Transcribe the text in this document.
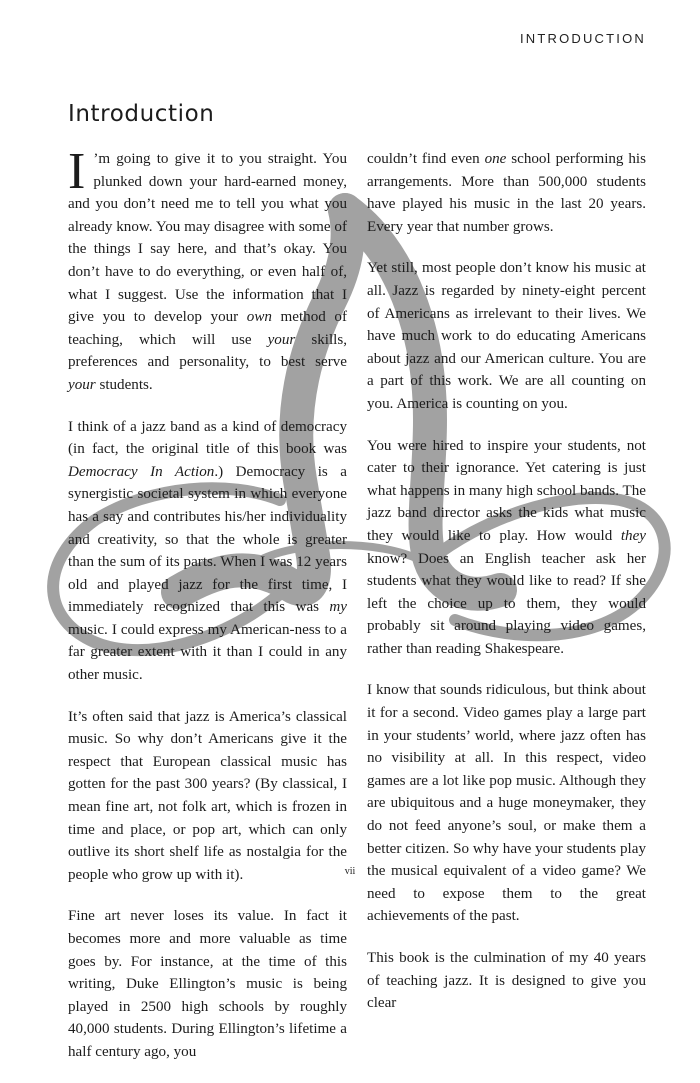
INTRODUCTION
Introduction

I ’m going to give it to you straight. You plunked down your hard-earned money, and you don’t need me to tell you what you already know. You may disagree with some of the things I say here, and that’s okay. You don’t have to do everything, or even half of, what I suggest. Use the information that I give you to develop your own method of teaching, which will use your skills, preferences and personality, to best serve your students.

I think of a jazz band as a kind of democracy (in fact, the original title of this book was Democracy In Action.) Democracy is a synergistic societal system in which everyone has a say and contributes his/her individuality and creativity, so that the whole is greater than the sum of its parts. When I was 12 years old and played jazz for the first time, I immediately recognized that this was my music. I could express my American-ness to a far greater extent with it than I could in any other music.

It’s often said that jazz is America’s classical music. So why don’t Americans give it the respect that European classical music has gotten for the past 300 years? (By classical, I mean fine art, not folk art, which is frozen in time and place, or pop art, which can only outlive its short shelf life as nostalgia for the people who grow up with it).

Fine art never loses its value. In fact it becomes more and more valuable as time goes by. For instance, at the time of this writing, Duke Ellington’s music is being played in 2500 high schools by roughly 40,000 students. During Ellington’s lifetime a half century ago, you

couldn’t find even one school performing his arrangements. More than 500,000 students have played his music in the last 20 years. Every year that number grows.

Yet still, most people don’t know his music at all. Jazz is regarded by ninety-eight percent of Americans as irrelevant to their lives. We have much work to do educating Americans about jazz and our American culture. You are a part of this work. We are all counting on you. America is counting on you.

You were hired to inspire your students, not cater to their ignorance. Yet catering is just what happens in many high school bands. The jazz band director asks the kids what music they would like to play. How would they know? Does an English teacher ask her students what they would like to read? If she left the choice up to them, they would probably sit around playing video games, rather than reading Shakespeare.

I know that sounds ridiculous, but think about it for a second. Video games play a large part in your students’ world, where jazz often has no visibility at all. In this respect, video games are a lot like pop music. Although they are ubiquitous and a huge moneymaker, they do not feed anyone’s soul, or make them a better citizen. So why have your students play the musical equivalent of a video game? We need to expose them to the great achievements of the past.

This book is the culmination of my 40 years of teaching jazz. It is designed to give you clear

vii
